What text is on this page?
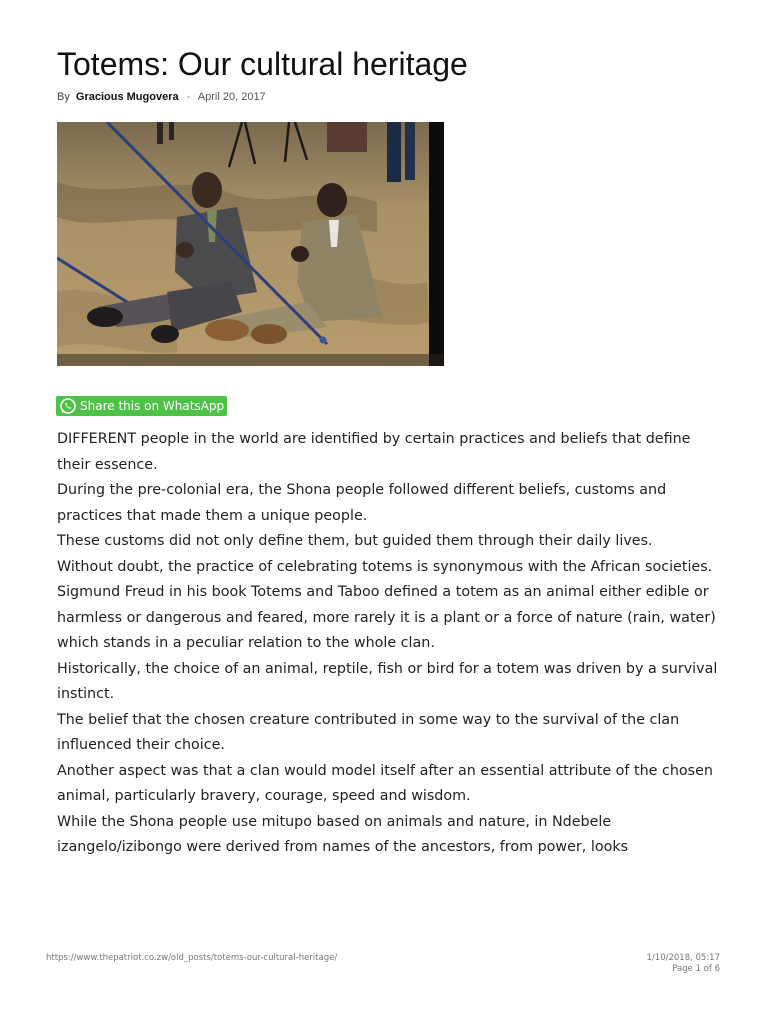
Totems: Our cultural heritage
By Gracious Mugovera - April 20, 2017
Share this on WhatsApp

DIFFERENT people in the world are identified by certain practices and beliefs that define their essence.

During the pre-colonial era, the Shona people followed different beliefs, customs and practices that made them a unique people.

These customs did not only define them, but guided them through their daily lives.

Without doubt, the practice of celebrating totems is synonymous with the African societies.

Sigmund Freud in his book Totems and Taboo defined a totem as an animal either edible or harmless or dangerous and feared, more rarely it is a plant or a force of nature (rain, water) which stands in a peculiar relation to the whole clan.

Historically, the choice of an animal, reptile, fish or bird for a totem was driven by a survival instinct.

The belief that the chosen creature contributed in some way to the survival of the clan influenced their choice.

Another aspect was that a clan would model itself after an essential attribute of the chosen animal, particularly bravery, courage, speed and wisdom.

While the Shona people use mitupo based on animals and nature, in Ndebele izangelo/izibongo were derived from names of the ancestors, from power, looks

https://www.thepatriot.co.zw/old_posts/totems-our-cultural-heritage/	1/10/2018, 05:17
Page 1 of 6
